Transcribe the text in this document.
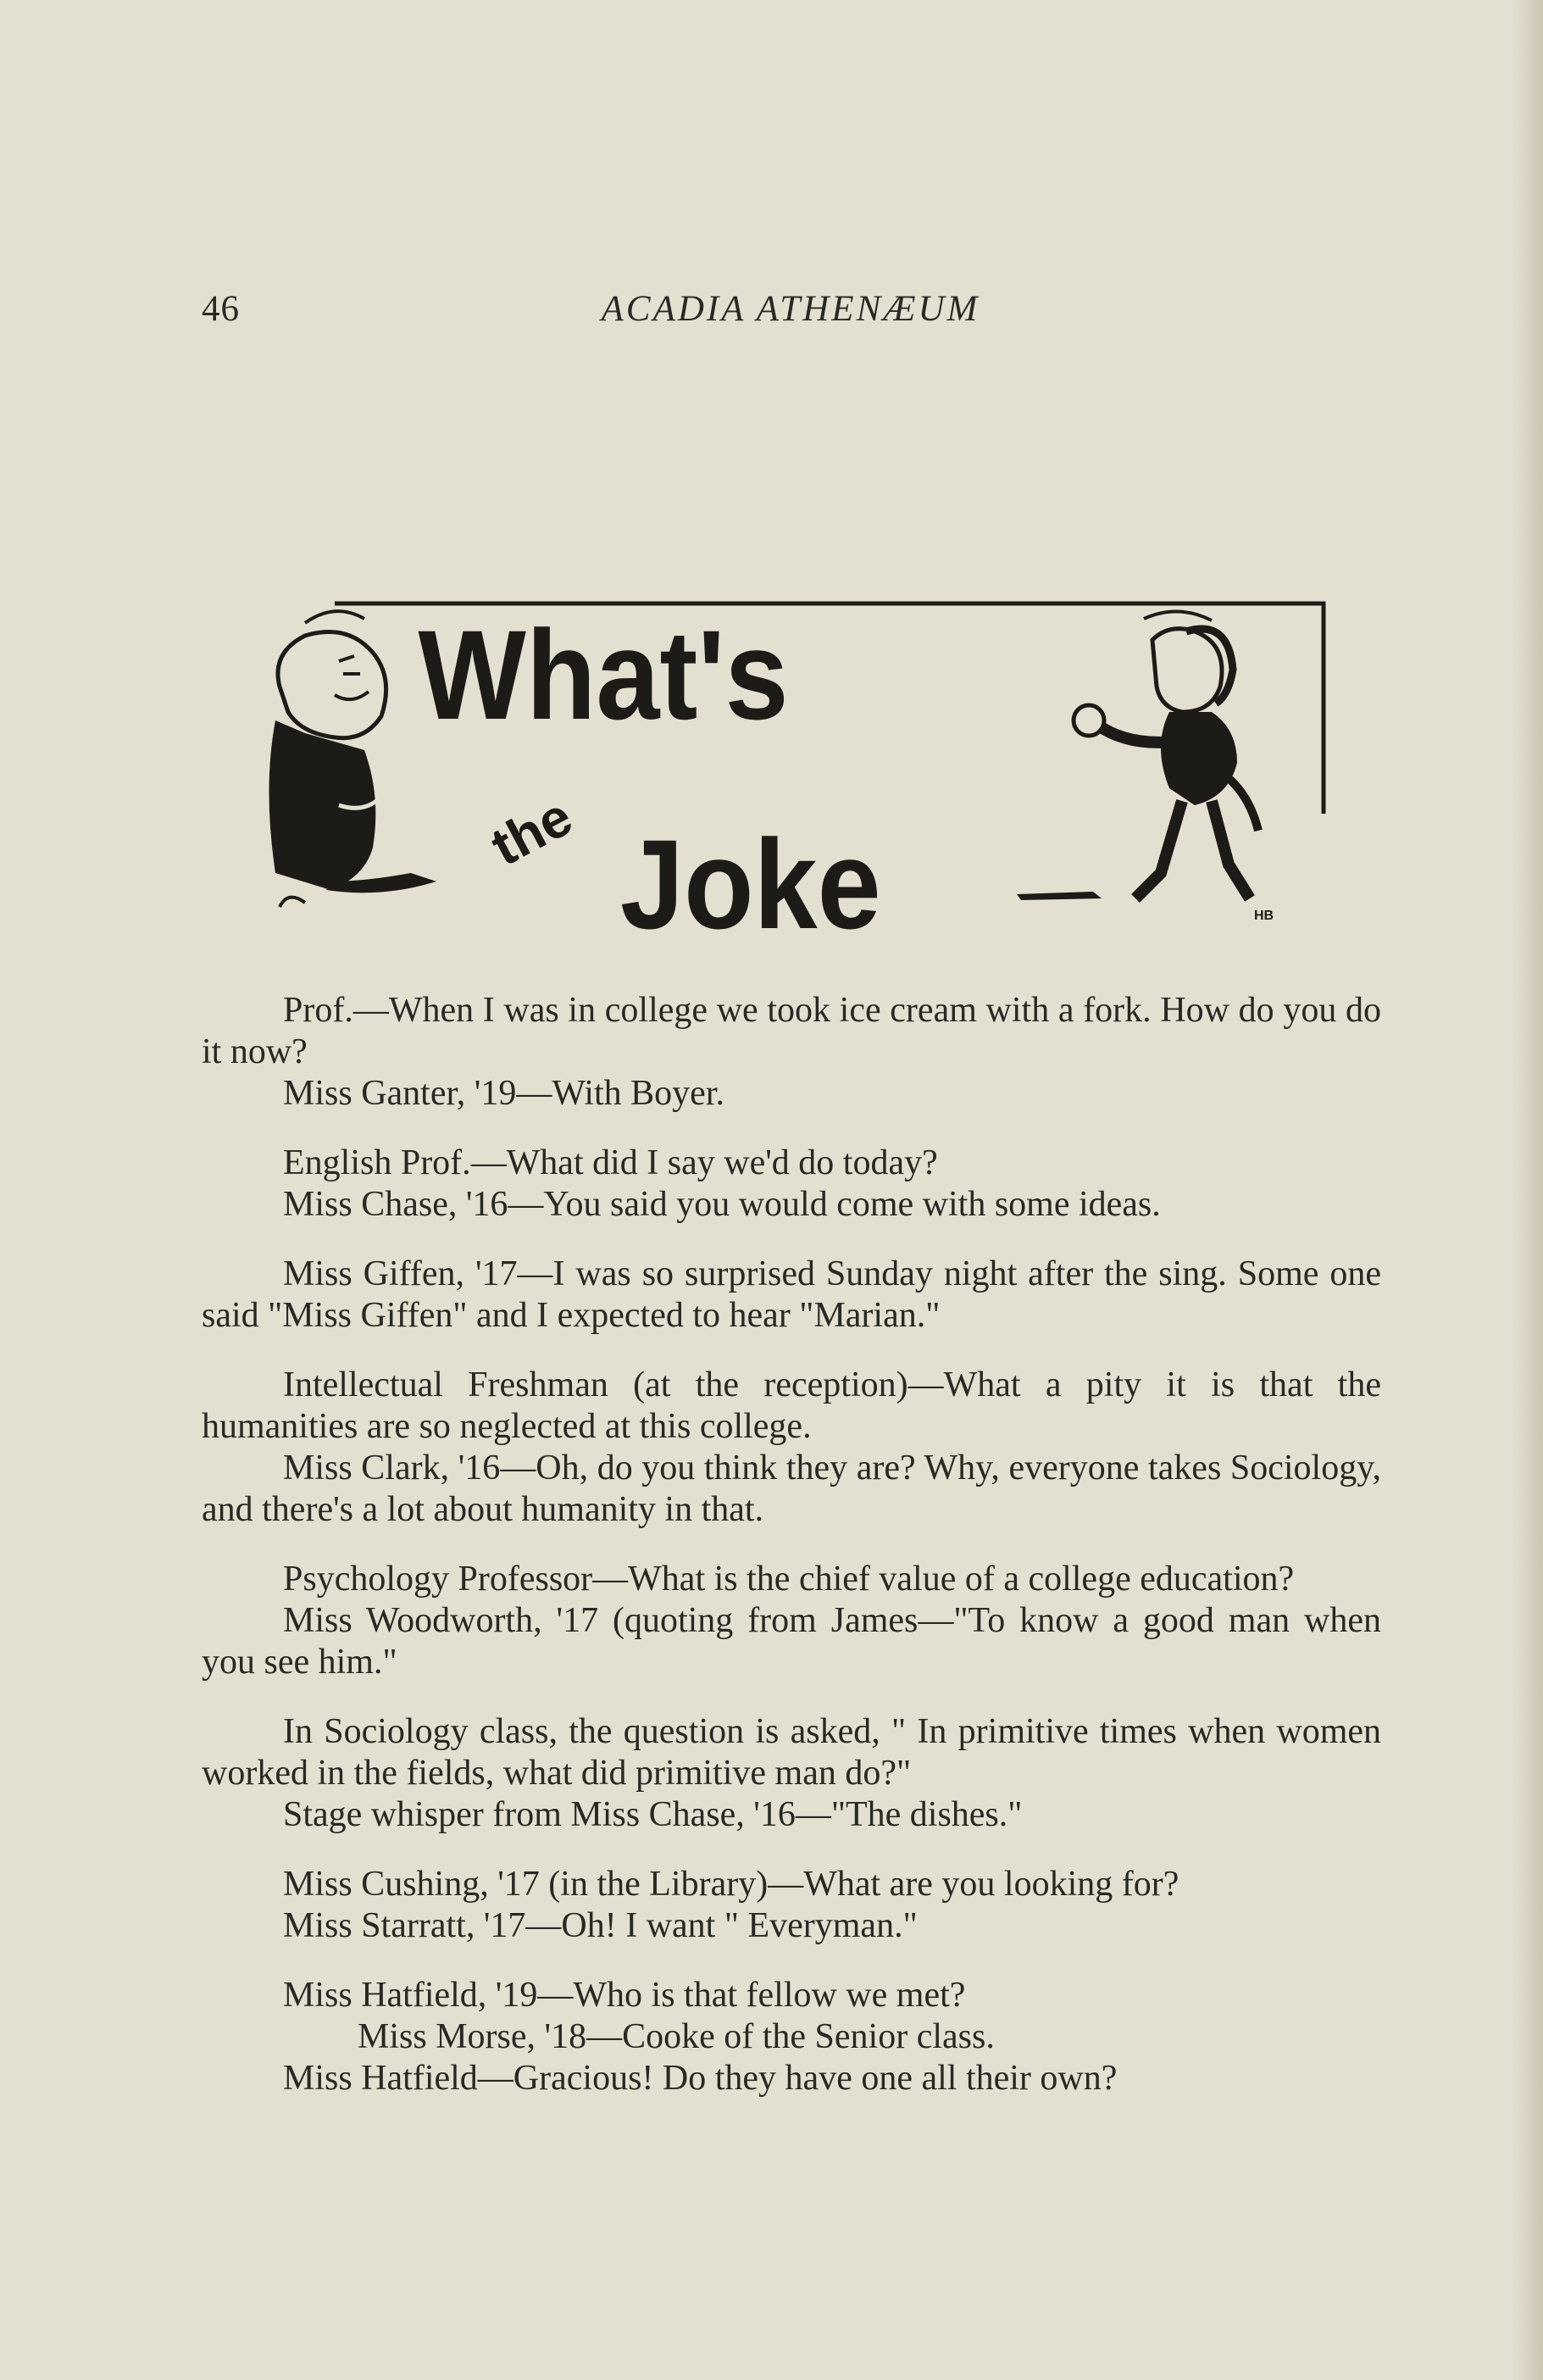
46	ACADIA ATHENÆUM
What's
the Joke	HB

Prof.—When I was in college we took ice cream with a fork. How do you do it now?

Miss Ganter, '19—With Boyer.

English Prof.—What did I say we'd do today?

Miss Chase, '16—You said you would come with some ideas.

Miss Giffen, '17—I was so surprised Sunday night after the sing. Some one said "Miss Giffen" and I expected to hear "Marian."

Intellectual Freshman (at the reception)—What a pity it is that the humanities are so neglected at this college.

Miss Clark, '16—Oh, do you think they are? Why, everyone takes Sociology, and there's a lot about humanity in that.

Psychology Professor—What is the chief value of a college education?

Miss Woodworth, '17 (quoting from James—"To know a good man when you see him."

In Sociology class, the question is asked, " In primitive times when women worked in the fields, what did primitive man do?"

Stage whisper from Miss Chase, '16—"The dishes."

Miss Cushing, '17 (in the Library)—What are you looking for?

Miss Starratt, '17—Oh! I want " Everyman."

Miss Hatfield, '19—Who is that fellow we met?

Miss Morse, '18—Cooke of the Senior class.

Miss Hatfield—Gracious! Do they have one all their own?
